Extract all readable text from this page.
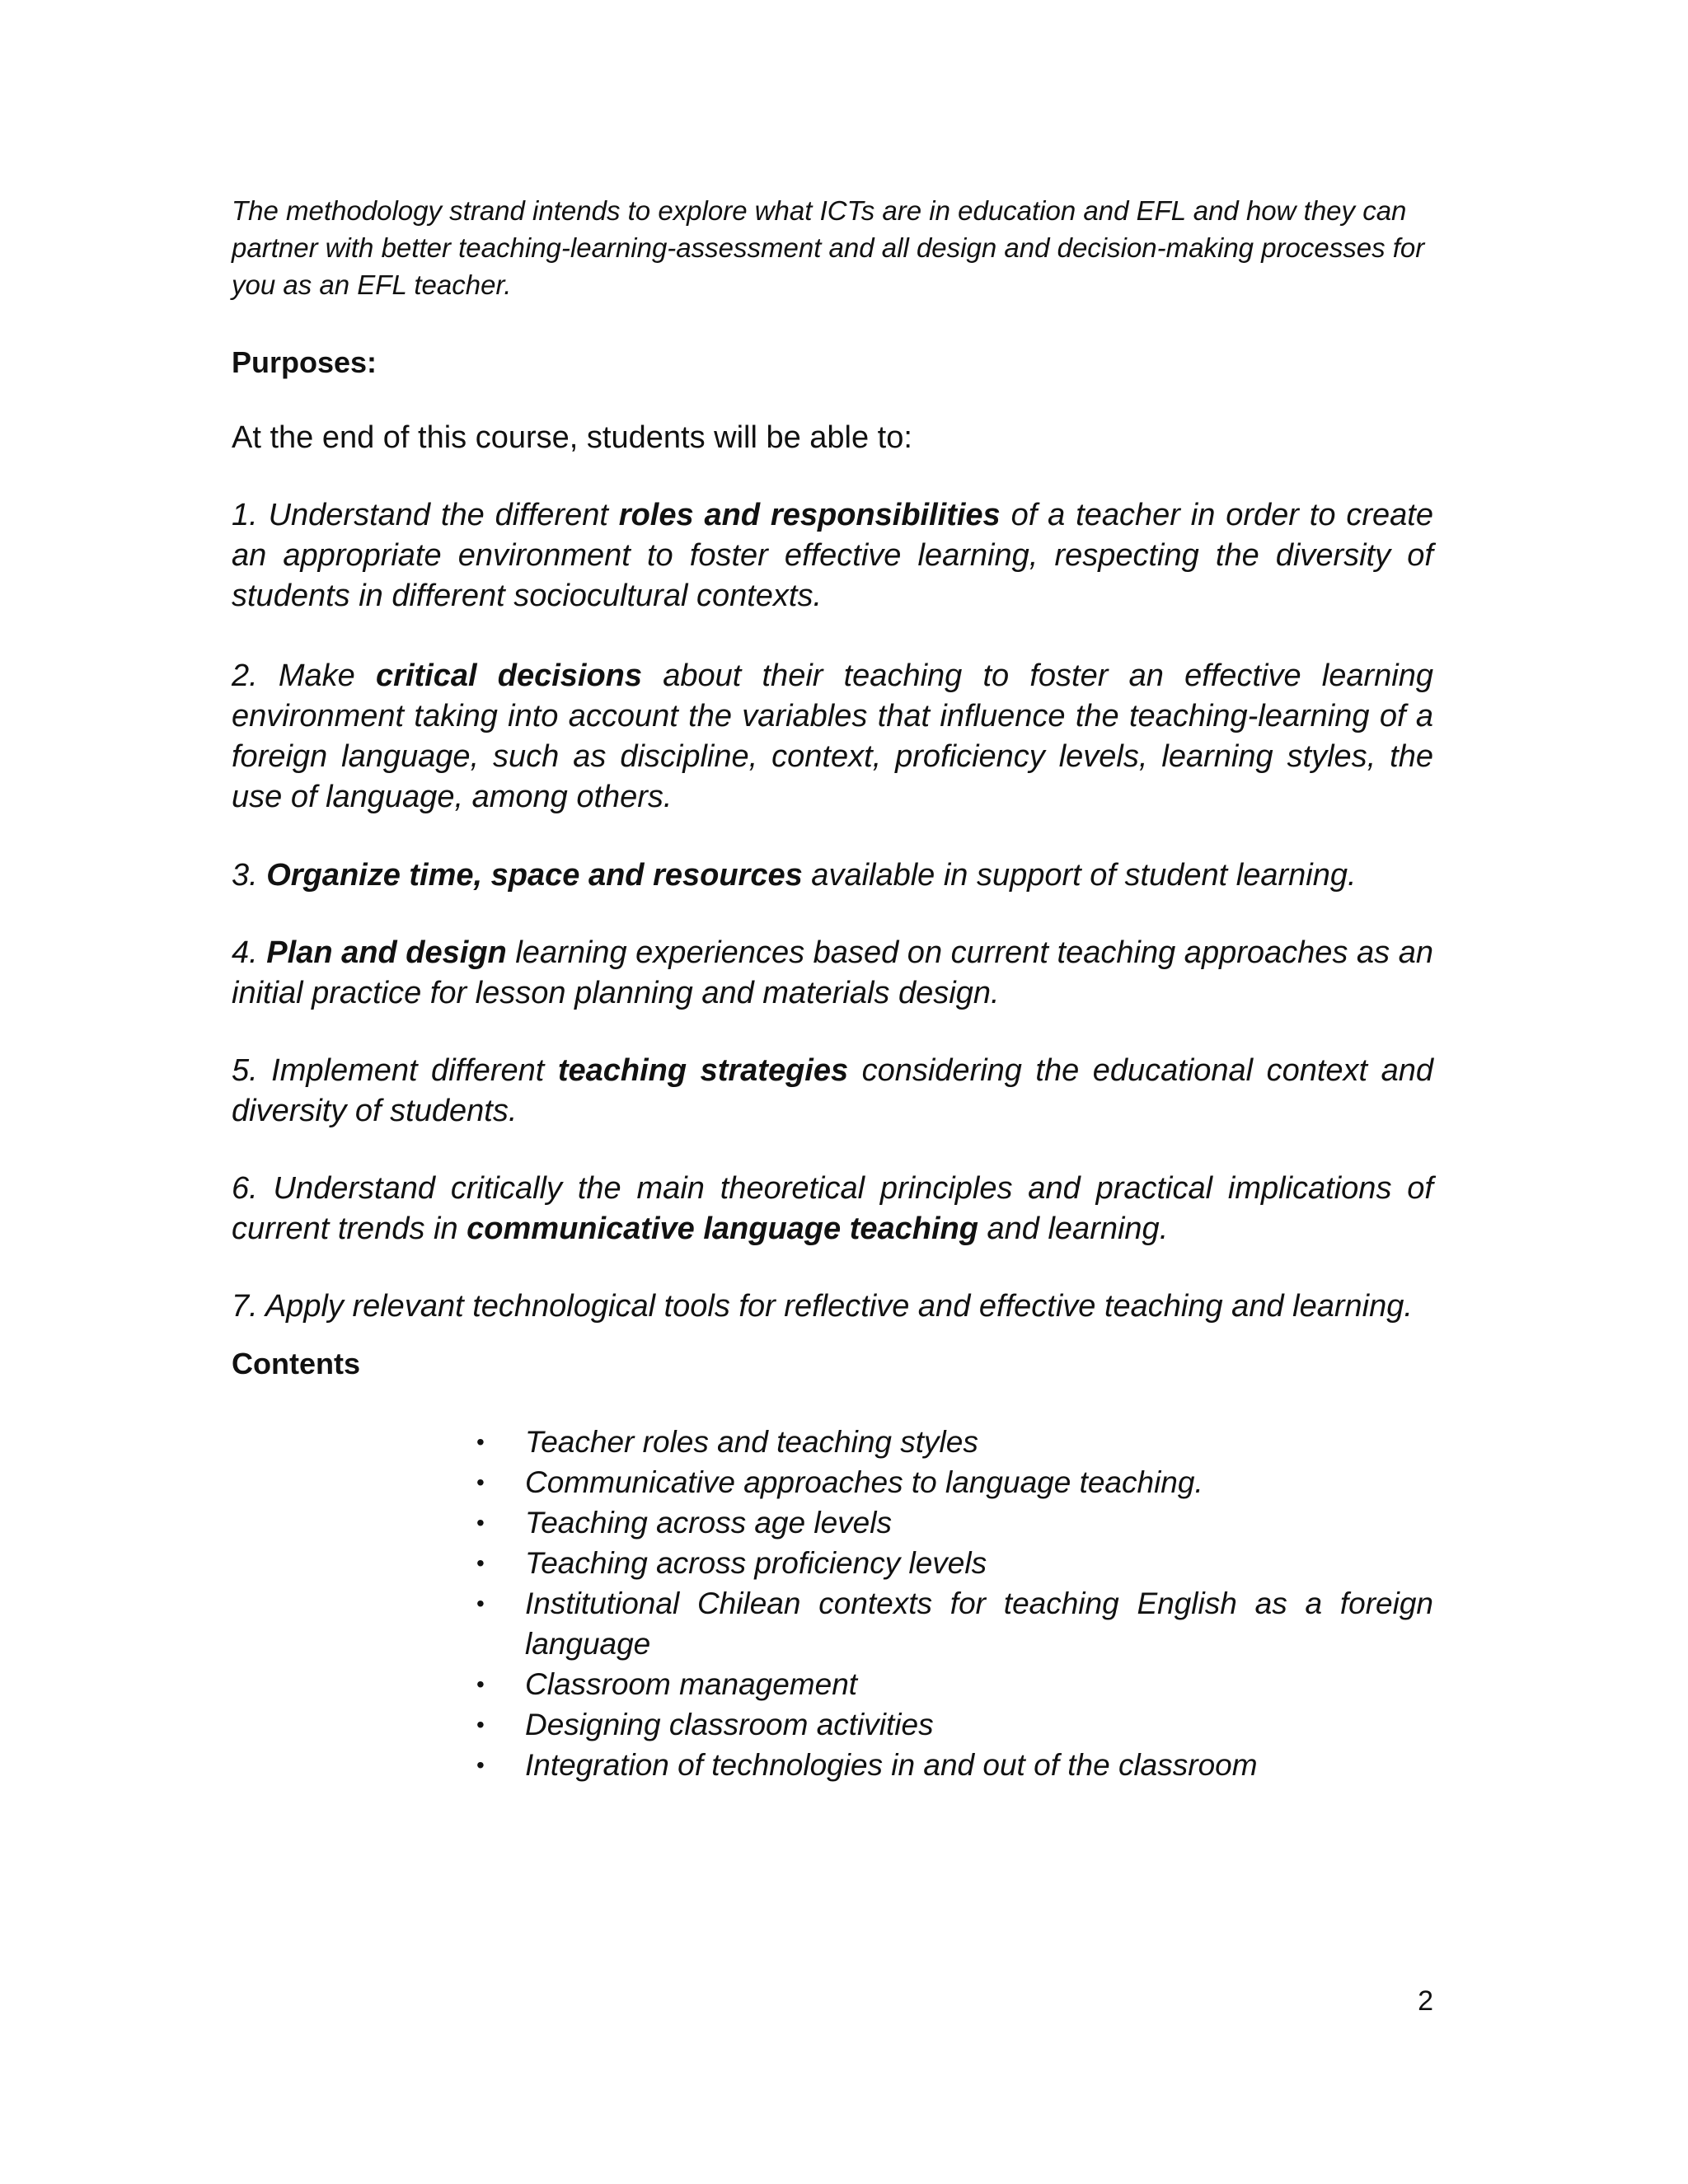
The methodology strand intends to explore what ICTs are in education and EFL and how they can partner with better teaching-learning-assessment and all design and decision-making processes for you as an EFL teacher.

Purposes:

At the end of this course, students will be able to:

1. Understand the different roles and responsibilities of a teacher in order to create an appropriate environment to foster effective learning, respecting the diversity of students in different sociocultural contexts.

2. Make critical decisions about their teaching to foster an effective learning environment taking into account the variables that influence the teaching-learning of a foreign language, such as discipline, context, proficiency levels, learning styles, the use of language, among others.

3. Organize time, space and resources available in support of student learning.

4. Plan and design learning experiences based on current teaching approaches as an initial practice for lesson planning and materials design.

5. Implement different teaching strategies considering the educational context and diversity of students.

6. Understand critically the main theoretical principles and practical implications of current trends in communicative language teaching and learning.

7. Apply relevant technological tools for reflective and effective teaching and learning.

Contents
• Teacher roles and teaching styles
• Communicative approaches to language teaching.
• Teaching across age levels
• Teaching across proficiency levels
• Institutional Chilean contexts for teaching English as a foreign language
• Classroom management
• Designing classroom activities
• Integration of technologies in and out of the classroom
2
